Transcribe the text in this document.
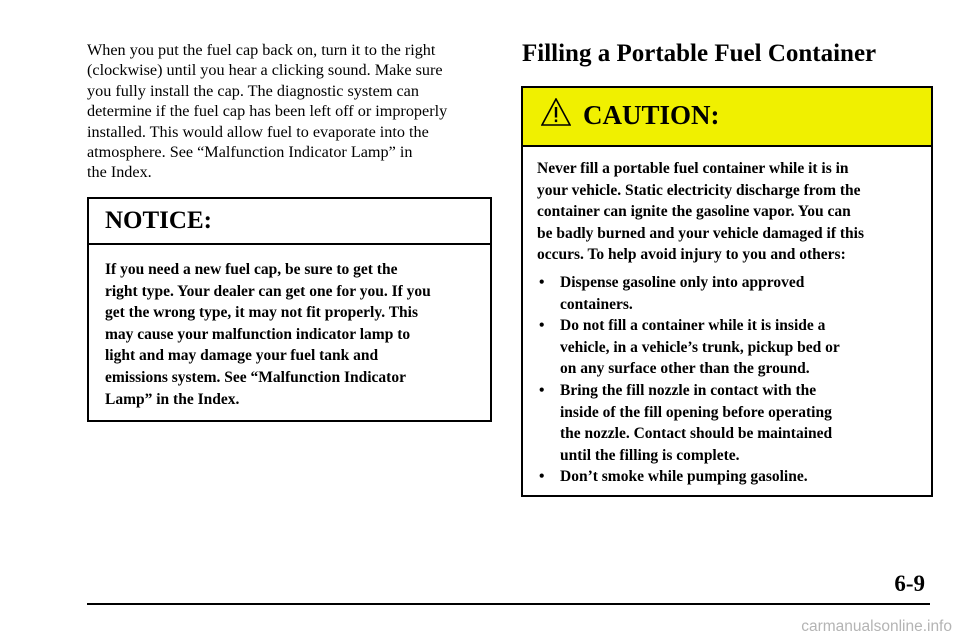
When you put the fuel cap back on, turn it to the right
(clockwise) until you hear a clicking sound. Make sure
you fully install the cap. The diagnostic system can
determine if the fuel cap has been left off or improperly
installed. This would allow fuel to evaporate into the
atmosphere. See “Malfunction Indicator Lamp” in
the Index.

NOTICE:
If you need a new fuel cap, be sure to get the
right type. Your dealer can get one for you. If you
get the wrong type, it may not fit properly. This
may cause your malfunction indicator lamp to
light and may damage your fuel tank and
emissions system. See “Malfunction Indicator
Lamp” in the Index.
Filling a Portable Fuel Container
CAUTION:
Never fill a portable fuel container while it is in
your vehicle. Static electricity discharge from the
container can ignite the gasoline vapor. You can
be badly burned and your vehicle damaged if this
occurs. To help avoid injury to you and others:
• Dispense gasoline only into approved
containers.
• Do not fill a container while it is inside a
vehicle, in a vehicle’s trunk, pickup bed or
on any surface other than the ground.
• Bring the fill nozzle in contact with the
inside of the fill opening before operating
the nozzle. Contact should be maintained
until the filling is complete.
• Don’t smoke while pumping gasoline.
6-9
carmanualsonline.info
